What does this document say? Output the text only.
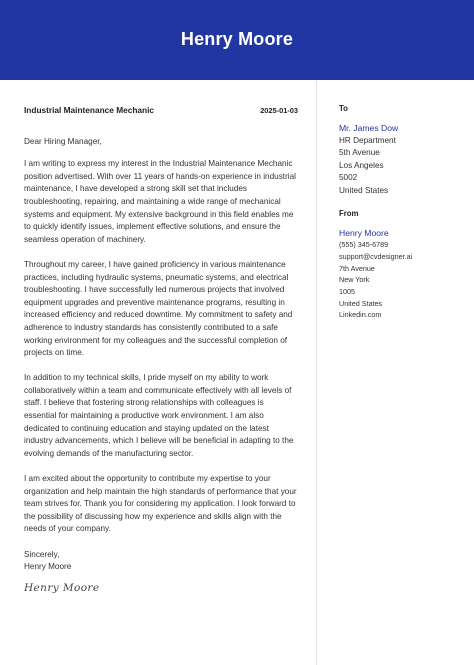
Henry Moore
Industrial Maintenance Mechanic	2025-01-03
Dear Hiring Manager,

I am writing to express my interest in the Industrial Maintenance Mechanic position advertised. With over 11 years of hands-on experience in industrial maintenance, I have developed a strong skill set that includes troubleshooting, repairing, and maintaining a wide range of mechanical systems and equipment. My extensive background in this field enables me to quickly identify issues, implement effective solutions, and ensure the seamless operation of machinery.

Throughout my career, I have gained proficiency in various maintenance practices, including hydraulic systems, pneumatic systems, and electrical troubleshooting. I have successfully led numerous projects that involved equipment upgrades and preventive maintenance programs, resulting in increased efficiency and reduced downtime. My commitment to safety and adherence to industry standards has consistently contributed to a safe working environment for my colleagues and the successful completion of projects on time.

In addition to my technical skills, I pride myself on my ability to work collaboratively within a team and communicate effectively with all levels of staff. I believe that fostering strong relationships with colleagues is essential for maintaining a productive work environment. I am also dedicated to continuing education and staying updated on the latest industry advancements, which I believe will be beneficial in adapting to the evolving demands of the manufacturing sector.

I am excited about the opportunity to contribute my expertise to your organization and help maintain the high standards of performance that your team strives for. Thank you for considering my application. I look forward to the possibility of discussing how my experience and skills align with the needs of your company.

Sincerely,
Henry Moore
Henry Moore
To
Mr. James Dow
HR Department
5th Avenue
Los Angeles
5002
United States
From
Henry Moore
(555) 345-6789
support@cvdesigner.ai
7th Avenue
New York
1005
United States
Linkedin.com
